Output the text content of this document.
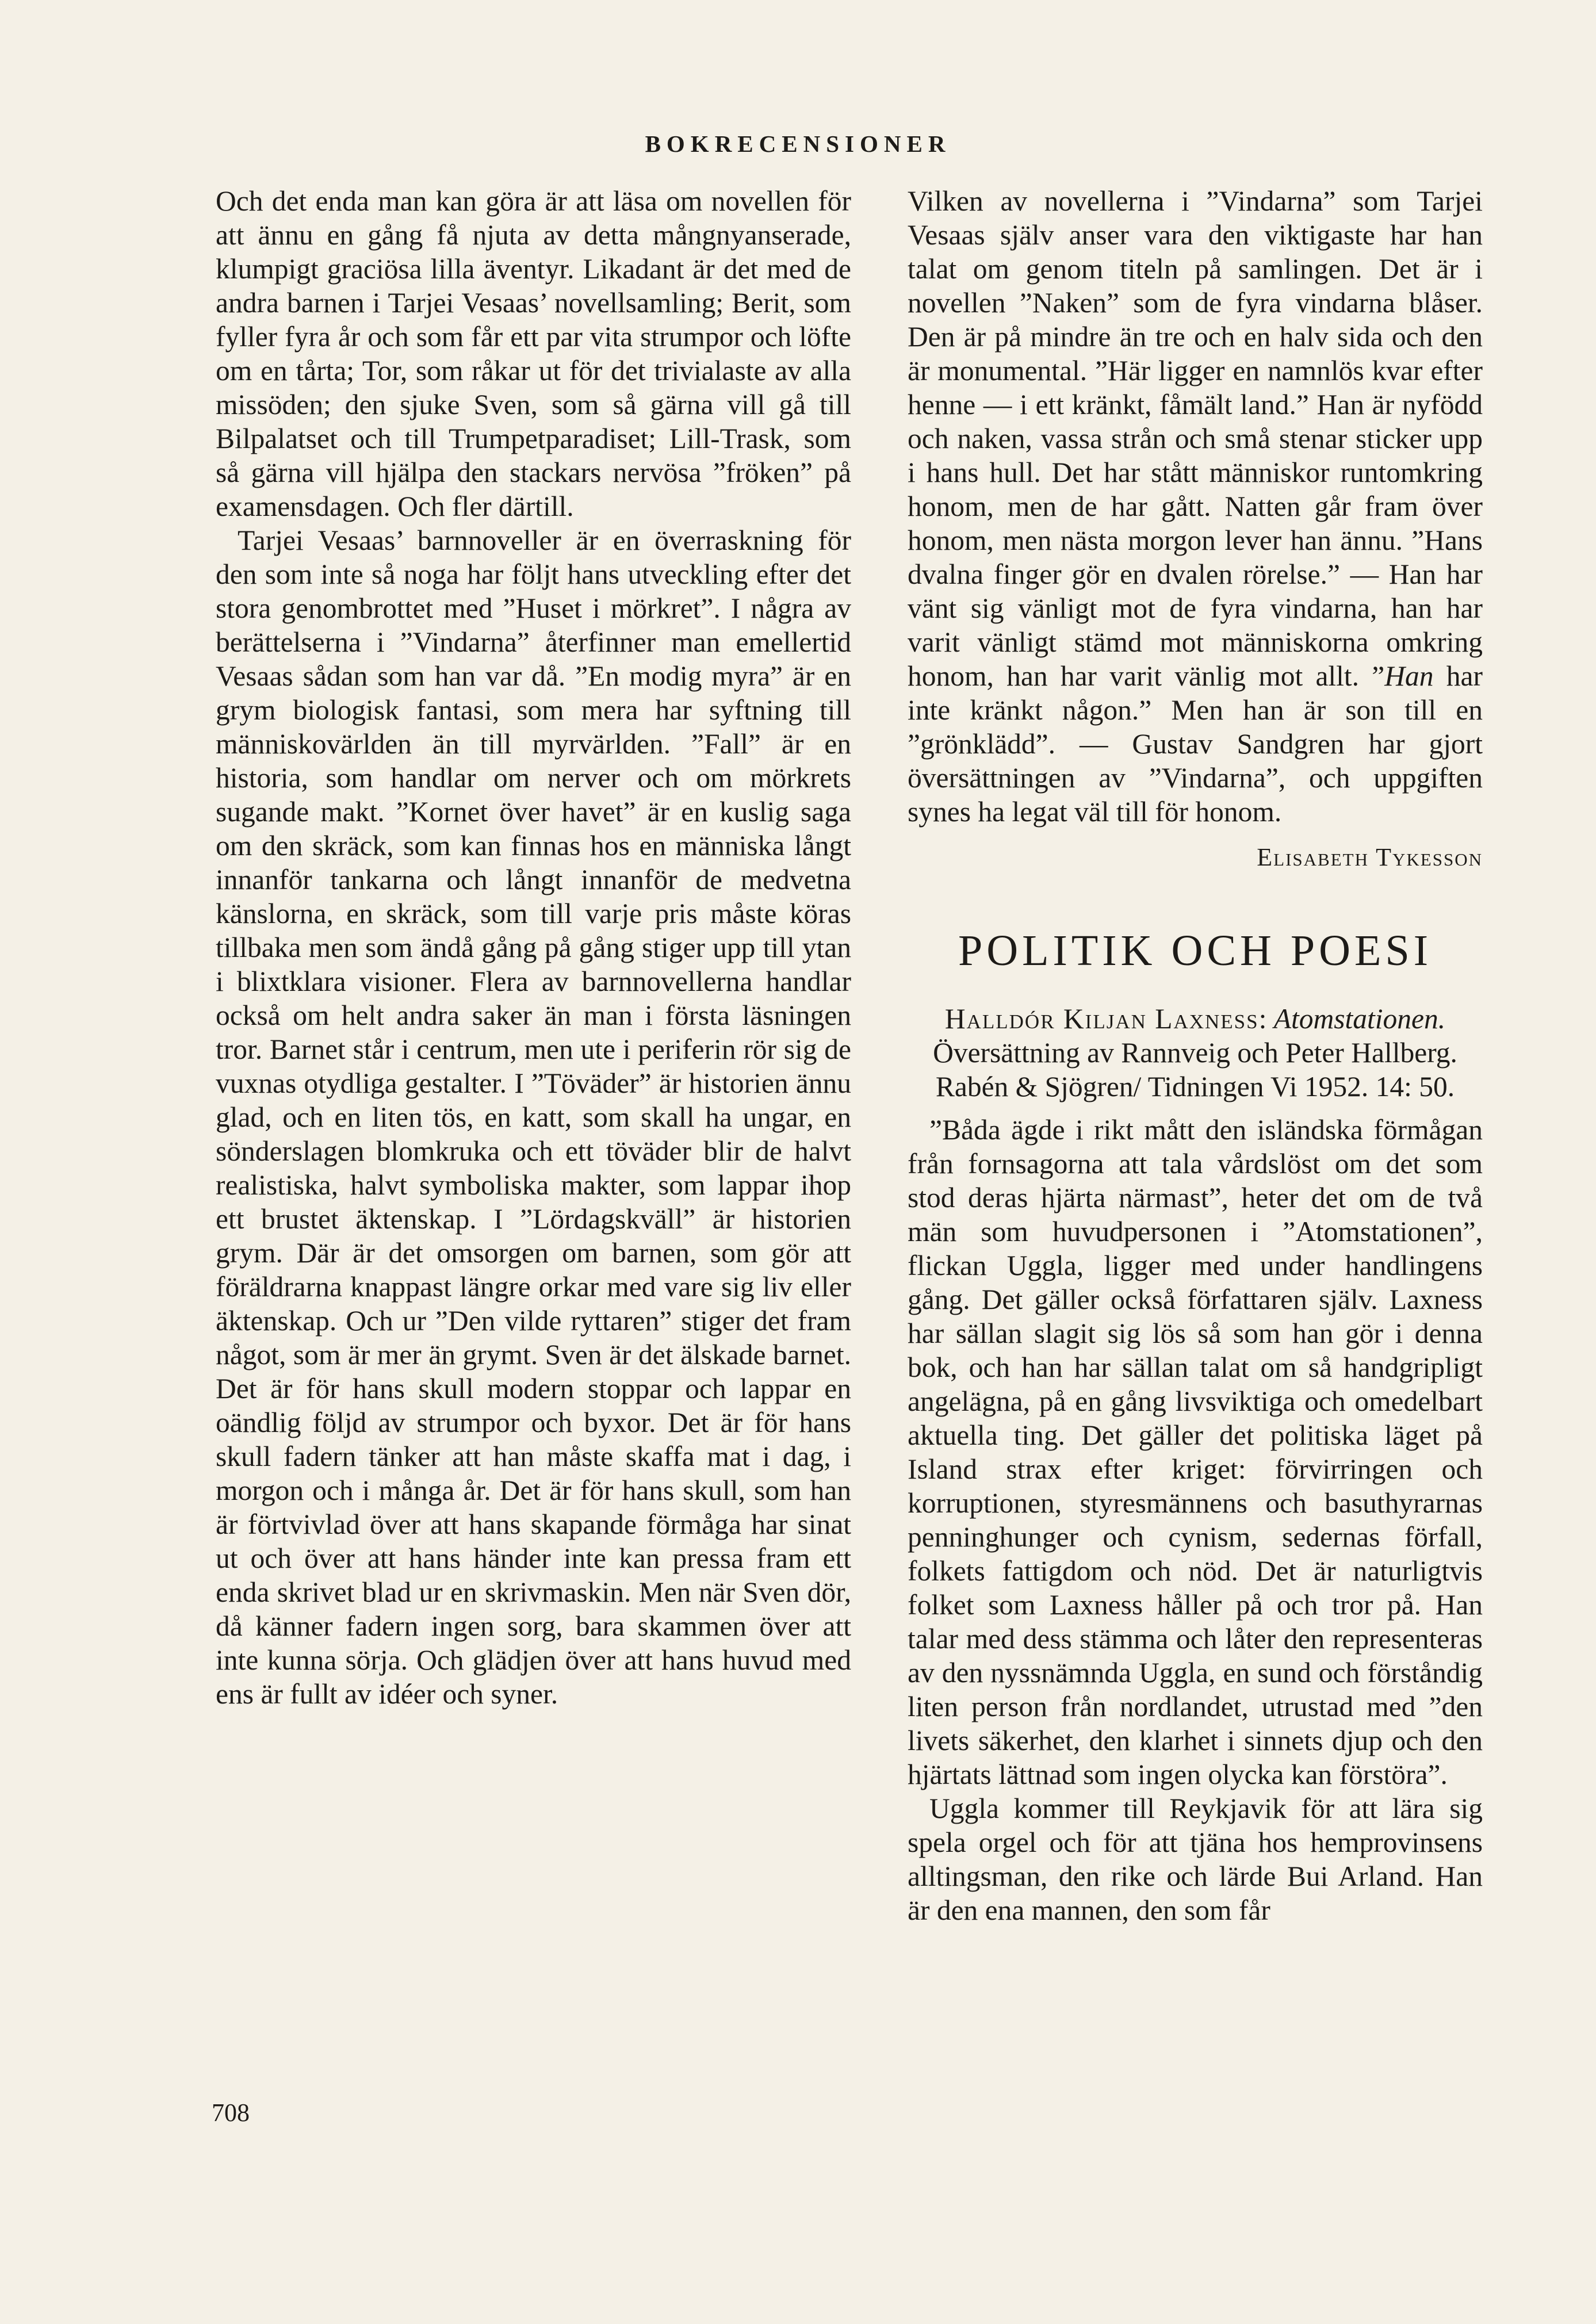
BOKRECENSIONER

Och det enda man kan göra är att läsa om novellen för att ännu en gång få njuta av detta mångnyanserade, klumpigt graciösa lilla äventyr. Likadant är det med de andra barnen i Tarjei Vesaas’ novellsamling; Berit, som fyller fyra år och som får ett par vita strumpor och löfte om en tårta; Tor, som råkar ut för det trivialaste av alla missöden; den sjuke Sven, som så gärna vill gå till Bilpalatset och till Trumpetparadiset; Lill-Trask, som så gärna vill hjälpa den stackars nervösa ”fröken” på examensdagen. Och fler därtill.

Tarjei Vesaas’ barnnoveller är en överraskning för den som inte så noga har följt hans utveckling efter det stora genombrottet med ”Huset i mörkret”. I några av berättelserna i ”Vindarna” återfinner man emellertid Vesaas sådan som han var då. ”En modig myra” är en grym biologisk fantasi, som mera har syftning till människovärlden än till myrvärlden. ”Fall” är en historia, som handlar om nerver och om mörkrets sugande makt. ”Kornet över havet” är en kuslig saga om den skräck, som kan finnas hos en människa långt innanför tankarna och långt innanför de medvetna känslorna, en skräck, som till varje pris måste köras tillbaka men som ändå gång på gång stiger upp till ytan i blixtklara visioner. Flera av barnnovellerna handlar också om helt andra saker än man i första läsningen tror. Barnet står i centrum, men ute i periferin rör sig de vuxnas otydliga gestalter. I ”Töväder” är historien ännu glad, och en liten tös, en katt, som skall ha ungar, en sönderslagen blomkruka och ett töväder blir de halvt realistiska, halvt symboliska makter, som lappar ihop ett brustet äktenskap. I ”Lördagskväll” är historien grym. Där är det omsorgen om barnen, som gör att föräldrarna knappast längre orkar med vare sig liv eller äktenskap. Och ur ”Den vilde ryttaren” stiger det fram något, som är mer än grymt. Sven är det älskade barnet. Det är för hans skull modern stoppar och lappar en oändlig följd av strumpor och byxor. Det är för hans skull fadern tänker att han måste skaffa mat i dag, i morgon och i många år. Det är för hans skull, som han är förtvivlad över att hans skapande förmåga har sinat ut och över att hans händer inte kan pressa fram ett enda skrivet blad ur en skrivmaskin. Men när Sven dör, då känner fadern ingen sorg, bara skammen över att inte kunna sörja. Och glädjen över att hans huvud med ens är fullt av idéer och syner.

Vilken av novellerna i ”Vindarna” som Tarjei Vesaas själv anser vara den viktigaste har han talat om genom titeln på samlingen. Det är i novellen ”Naken” som de fyra vindarna blåser. Den är på mindre än tre och en halv sida och den är monumental. ”Här ligger en namnlös kvar efter henne — i ett kränkt, fåmält land.” Han är nyfödd och naken, vassa strån och små stenar sticker upp i hans hull. Det har stått människor runtomkring honom, men de har gått. Natten går fram över honom, men nästa morgon lever han ännu. ”Hans dvalna finger gör en dvalen rörelse.” — Han har vänt sig vänligt mot de fyra vindarna, han har varit vänligt stämd mot människorna omkring honom, han har varit vänlig mot allt. ”Han har inte kränkt någon.” Men han är son till en ”grönklädd”. — Gustav Sandgren har gjort översättningen av ”Vindarna”, och uppgiften synes ha legat väl till för honom.

Elisabeth Tykesson

POLITIK OCH POESI

Halldór Kiljan Laxness: Atomstationen. Översättning av Rannveig och Peter Hallberg. Rabén & Sjögren/ Tidningen Vi 1952. 14: 50.

”Båda ägde i rikt mått den isländska förmågan från fornsagorna att tala vårdslöst om det som stod deras hjärta närmast”, heter det om de två män som huvudpersonen i ”Atomstationen”, flickan Uggla, ligger med under handlingens gång. Det gäller också författaren själv. Laxness har sällan slagit sig lös så som han gör i denna bok, och han har sällan talat om så handgripligt angelägna, på en gång livsviktiga och omedelbart aktuella ting. Det gäller det politiska läget på Island strax efter kriget: förvirringen och korruptionen, styresmännens och basuthyrarnas penninghunger och cynism, sedernas förfall, folkets fattigdom och nöd. Det är naturligtvis folket som Laxness håller på och tror på. Han talar med dess stämma och låter den representeras av den nyssnämnda Uggla, en sund och förståndig liten person från nordlandet, utrustad med ”den livets säkerhet, den klarhet i sinnets djup och den hjärtats lättnad som ingen olycka kan förstöra”.

Uggla kommer till Reykjavik för att lära sig spela orgel och för att tjäna hos hemprovinsens alltingsman, den rike och lärde Bui Arland. Han är den ena mannen, den som får

708
